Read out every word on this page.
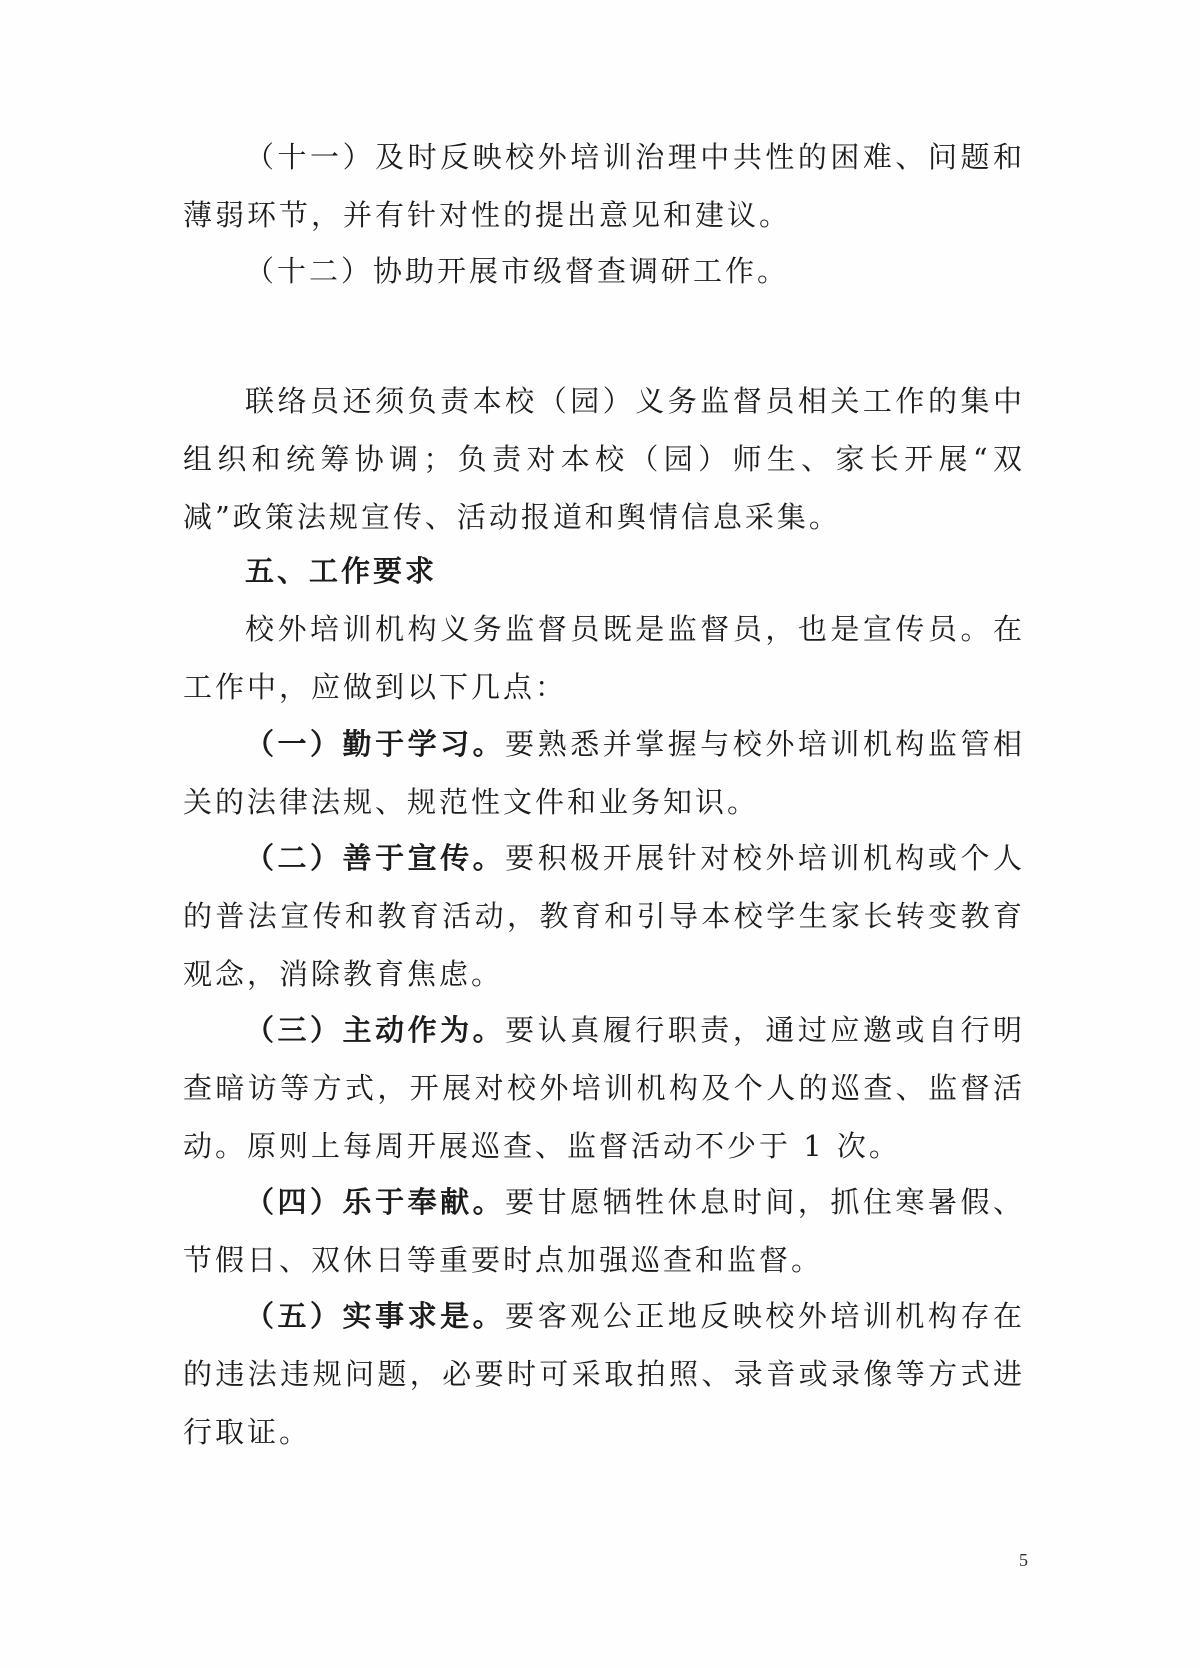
（十一）及时反映校外培训治理中共性的困难、问题和薄弱环节，并有针对性的提出意见和建议。

（十二）协助开展市级督查调研工作。

联络员还须负责本校（园）义务监督员相关工作的集中组织和统筹协调；负责对本校（园）师生、家长开展“双减”政策法规宣传、活动报道和舆情信息采集。

五、工作要求

校外培训机构义务监督员既是监督员，也是宣传员。在工作中，应做到以下几点：

（一）勤于学习。要熟悉并掌握与校外培训机构监管相关的法律法规、规范性文件和业务知识。

（二）善于宣传。要积极开展针对校外培训机构或个人的普法宣传和教育活动，教育和引导本校学生家长转变教育观念，消除教育焦虑。

（三）主动作为。要认真履行职责，通过应邀或自行明查暗访等方式，开展对校外培训机构及个人的巡查、监督活动。原则上每周开展巡查、监督活动不少于 1 次。

（四）乐于奉献。要甘愿牺牲休息时间，抓住寒暑假、节假日、双休日等重要时点加强巡查和监督。

（五）实事求是。要客观公正地反映校外培训机构存在的违法违规问题，必要时可采取拍照、录音或录像等方式进行取证。

5
